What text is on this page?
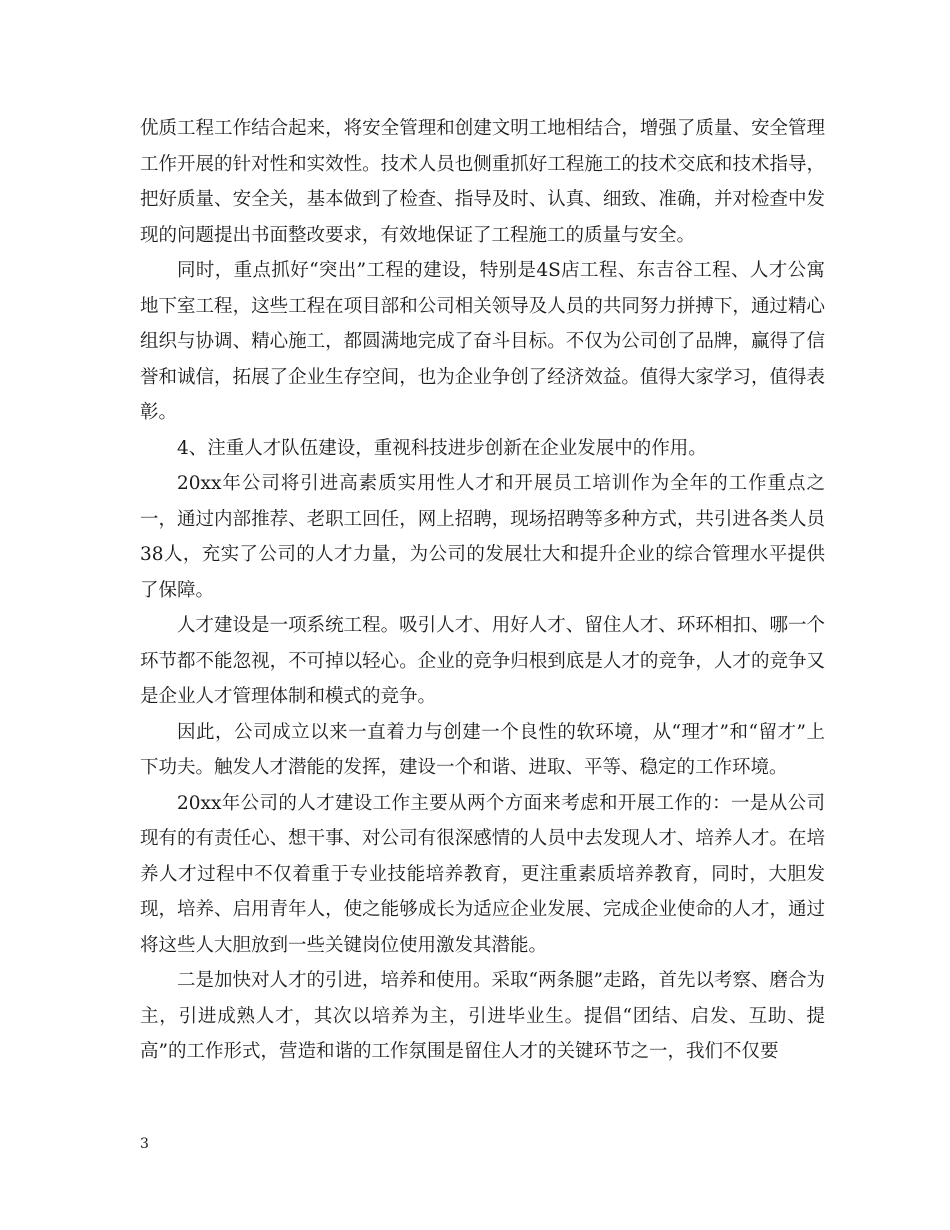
优质工程工作结合起来，将安全管理和创建文明工地相结合，增强了质量、安全管理工作开展的针对性和实效性。技术人员也侧重抓好工程施工的技术交底和技术指导，把好质量、安全关，基本做到了检查、指导及时、认真、细致、准确，并对检查中发现的问题提出书面整改要求，有效地保证了工程施工的质量与安全。

同时，重点抓好“突出”工程的建设，特别是4S店工程、东吉谷工程、人才公寓地下室工程，这些工程在项目部和公司相关领导及人员的共同努力拼搏下，通过精心组织与协调、精心施工，都圆满地完成了奋斗目标。不仅为公司创了品牌，赢得了信誉和诚信，拓展了企业生存空间，也为企业争创了经济效益。值得大家学习，值得表彰。

4、注重人才队伍建设，重视科技进步创新在企业发展中的作用。

20xx年公司将引进高素质实用性人才和开展员工培训作为全年的工作重点之一，通过内部推荐、老职工回任，网上招聘，现场招聘等多种方式，共引进各类人员38人，充实了公司的人才力量，为公司的发展壮大和提升企业的综合管理水平提供了保障。

人才建设是一项系统工程。吸引人才、用好人才、留住人才、环环相扣、哪一个环节都不能忽视，不可掉以轻心。企业的竞争归根到底是人才的竞争，人才的竞争又是企业人才管理体制和模式的竞争。

因此，公司成立以来一直着力与创建一个良性的软环境，从“理才”和“留才”上下功夫。触发人才潜能的发挥，建设一个和谐、进取、平等、稳定的工作环境。

20xx年公司的人才建设工作主要从两个方面来考虑和开展工作的：一是从公司现有的有责任心、想干事、对公司有很深感情的人员中去发现人才、培养人才。在培养人才过程中不仅着重于专业技能培养教育，更注重素质培养教育，同时，大胆发现，培养、启用青年人，使之能够成长为适应企业发展、完成企业使命的人才，通过将这些人大胆放到一些关键岗位使用激发其潜能。

二是加快对人才的引进，培养和使用。采取“两条腿”走路，首先以考察、磨合为主，引进成熟人才，其次以培养为主，引进毕业生。提倡“团结、启发、互助、提高”的工作形式，营造和谐的工作氛围是留住人才的关键环节之一，我们不仅要

3
